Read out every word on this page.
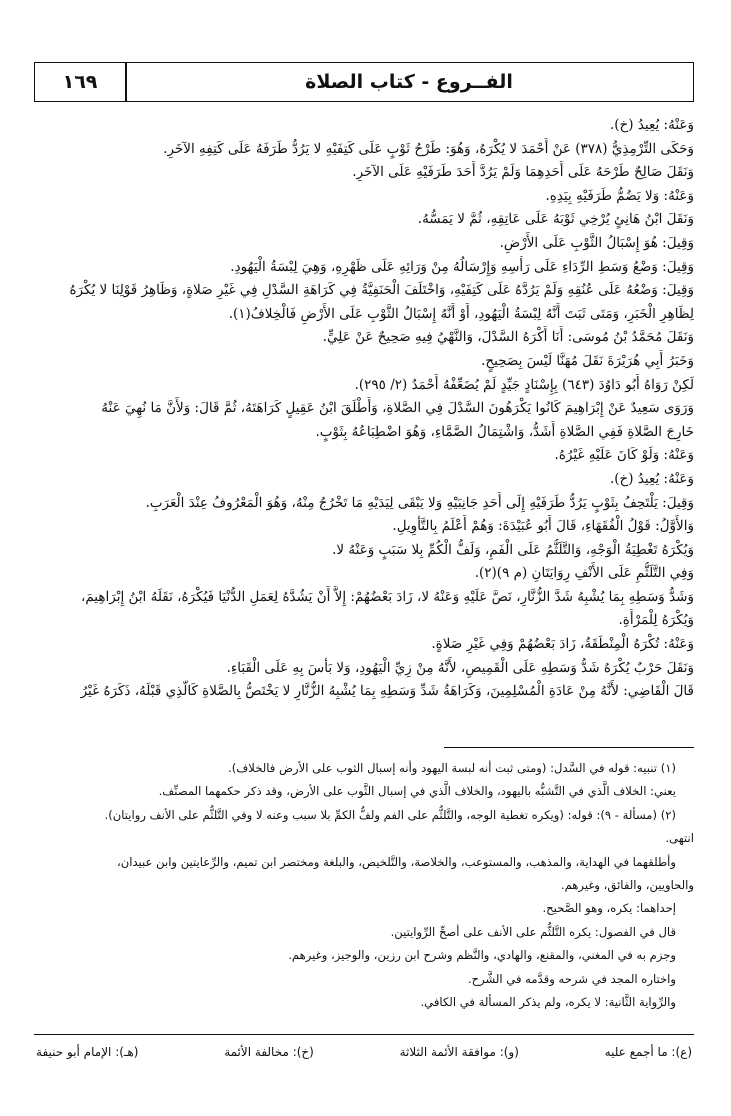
الفــروع - كتاب الصلاة
١٦٩
وَعَنْهُ: يُعِيدُ (خ).
وَحَكَى التِّرْمِذِيُّ (٣٧٨) عَنْ أَحْمَدَ لا يُكْرَهُ، وَهُوَ: طَرْحُ ثَوْبٍ عَلَى كَتِفَيْهِ لا يَرُدُّ طَرَفَهُ عَلَى كَتِفِهِ الآخَرِ.
وَنَقَلَ صَالِحٌ طَرْحَهُ عَلَى أَحَدِهِمَا وَلَمْ يَرُدَّ أَحَدَ طَرَفَيْهِ عَلَى الآخَرِ.
وَعَنْهُ: وَلا يَضُمُّ طَرَفَيْهِ بِيَدِهِ.
وَنَقَلَ ابْنُ هَانِئٍ يُرْخِي ثَوْبَهُ عَلَى عَاتِقِهِ، ثُمَّ لا يَمَسُّهُ.
وَقِيلَ: هُوَ إِسْبَالُ الثَّوْبِ عَلَى الأَرْضِ.
وَقِيلَ: وَضْعُ وَسَطِ الرِّدَاءِ عَلَى رَأْسِهِ وَإِرْسَالُهُ مِنْ وَرَائِهِ عَلَى ظَهْرِهِ، وَهِيَ لِبْسَةُ الْيَهُودِ.
وَقِيلَ: وَضْعُهُ عَلَى عُنُقِهِ وَلَمْ يَرُدَّهُ عَلَى كَتِفَيْهِ، وَاخْتَلَفَ الْحَنَفِيَّةُ فِي كَرَاهَةِ السَّدْلِ فِي غَيْرِ صَلاةٍ، وَظَاهِرُ قَوْلِنَا لا يُكْرَهُ
لِظَاهِرِ الْخَبَرِ، وَمَتَى ثَبَتَ أَنَّهُ لِبْسَةُ الْيَهُودِ، أَوْ أَنَّهُ إِسْبَالُ الثَّوْبِ عَلَى الأَرْضِ فَالْخِلافُ(١).
وَنَقَلَ مُحَمَّدُ بْنُ مُوسَى: أَنَا أَكْرَهُ السَّدْلَ، وَالنَّهْيُ فِيهِ صَحِيحٌ عَنْ عَلِيٍّ.
وَخَبَرُ أَبِي هُرَيْرَةَ نَقَلَ مُهَنَّا لَيْسَ بِصَحِيحٍ.
لَكِنْ رَوَاهُ أَبُو دَاوُدَ (٦٤٣) بِإِسْنَادٍ جَيِّدٍ لَمْ يُضَعِّفْهُ أَحْمَدُ (٢/ ٢٩٥).
وَرَوَى سَعِيدٌ عَنْ إِبْرَاهِيمَ كَانُوا يَكْرَهُونَ السَّدْلَ فِي الصَّلاةِ، وَأَطْلَقَ ابْنُ عَقِيلٍ كَرَاهَتَهُ، ثُمَّ قَالَ: وَلأَنَّ مَا نُهِيَ عَنْهُ
خَارِجَ الصَّلاةِ فَفِي الصَّلاةِ أَشَدُّ، وَاشْتِمَالُ الصَّمَّاءِ، وَهُوَ اضْطِبَاعُهُ بِثَوْبٍ.
وَعَنْهُ: وَلَوْ كَانَ عَلَيْهِ غَيْرُهُ.
وَعَنْهُ: يُعِيدُ (خ).
وَقِيلَ: يَلْتَحِفُ بِثَوْبٍ يَرُدُّ طَرَفَيْهِ إِلَى أَحَدِ جَانِبَيْهِ وَلا يَبْقَى لِيَدَيْهِ مَا تَخْرُجُ مِنْهُ، وَهُوَ الْمَعْرُوفُ عِنْدَ الْعَرَبِ.
وَالأَوَّلُ: قَوْلُ الْفُقَهَاءِ، قَالَ أَبُو عُبَيْدَةَ: وَهُمْ أَعْلَمُ بِالتَّأْوِيلِ.
وَيُكْرَهُ تَغْطِيَةُ الْوَجْهِ، وَالتَّلَثُّمُ عَلَى الْفَمِ، وَلَفُّ الْكُمِّ بِلا سَبَبٍ وَعَنْهُ لا.
وَفِي التَّلَثُّمِ عَلَى الأَنْفِ رِوَايَتَانِ (م ٩)(٢).
وَشَدُّ وَسَطِهِ بِمَا يُشْبِهُ شَدَّ الزُّنَّارِ، نَصَّ عَلَيْهِ وَعَنْهُ لا، زَادَ بَعْضُهُمْ: إِلاَّ أَنْ يَشُدَّهُ لِعَمَلِ الدُّنْيَا فَيُكْرَهُ، نَقَلَهُ ابْنُ إِبْرَاهِيمَ،
وَيُكْرَهُ لِلْمَرْأَةِ.
وَعَنْهُ: تُكْرَهُ الْمِنْطَقَةُ، زَادَ بَعْضُهُمْ وَفِي غَيْرِ صَلاةٍ.
وَنَقَلَ حَرْبٌ يُكْرَهُ شَدُّ وَسَطِهِ عَلَى الْقَمِيصِ، لأَنَّهُ مِنْ زِيِّ الْيَهُودِ، وَلا بَأْسَ بِهِ عَلَى الْقَبَاءِ.
قَالَ الْقَاضِي: لأَنَّهُ مِنْ عَادَةِ الْمُسْلِمِينَ، وَكَرَاهَةُ شَدِّ وَسَطِهِ بِمَا يُشْبِهُ الزُّنَّارِ لا يَخْتَصُّ بِالصَّلاةِ كَالَّذِي قَبْلَهُ، ذَكَرَهُ غَيْرُ
(١) تنبيه: قوله في السَّدل: (ومتى ثبت أنه لبسة اليهود وأنه إسبال الثوب على الأرض فالخلاف).
يعني: الخلاف الَّذي في التَّشبُّه باليهود، والخلاف الَّذي في إسبال الثَّوب على الأرض، وقد ذكر حكمهما المصنِّف.
(٢) (مسألة - ٩): قوله: (ويكره تغطية الوجه، والتَّلثُّم على الفم ولفُّ الكمِّ بلا سبب وعنه لا وفي التَّلثُّم على الأنف روايتان).
انتهى.
وأطلقهما في الهداية، والمذهب، والمستوعب، والخلاصة، والتَّلخيص، والبلغة ومختصر ابن تميم، والرِّعايتين وابن عبيدان،
والحاويين، والفائق، وغيرهم.
إحداهما: يكره، وهو الصَّحيح.
قال في الفصول: يكره التَّلثُّم على الأنف على أصحِّ الرِّوايتين.
وجزم به في المغني، والمقنع، والهادي، والنَّظم وشرح ابن رزين، والوجيز، وغيرهم.
واختاره المجد في شرحه وقدَّمه في الشَّرح.
والرِّواية الثَّانية: لا يكره، ولم يذكر المسألة في الكافي.
(ع): ما أجمع عليه
(و): موافقة الأئمة الثلاثة
(خ): مخالفة الأئمة
(هـ): الإمام أبو حنيفة
